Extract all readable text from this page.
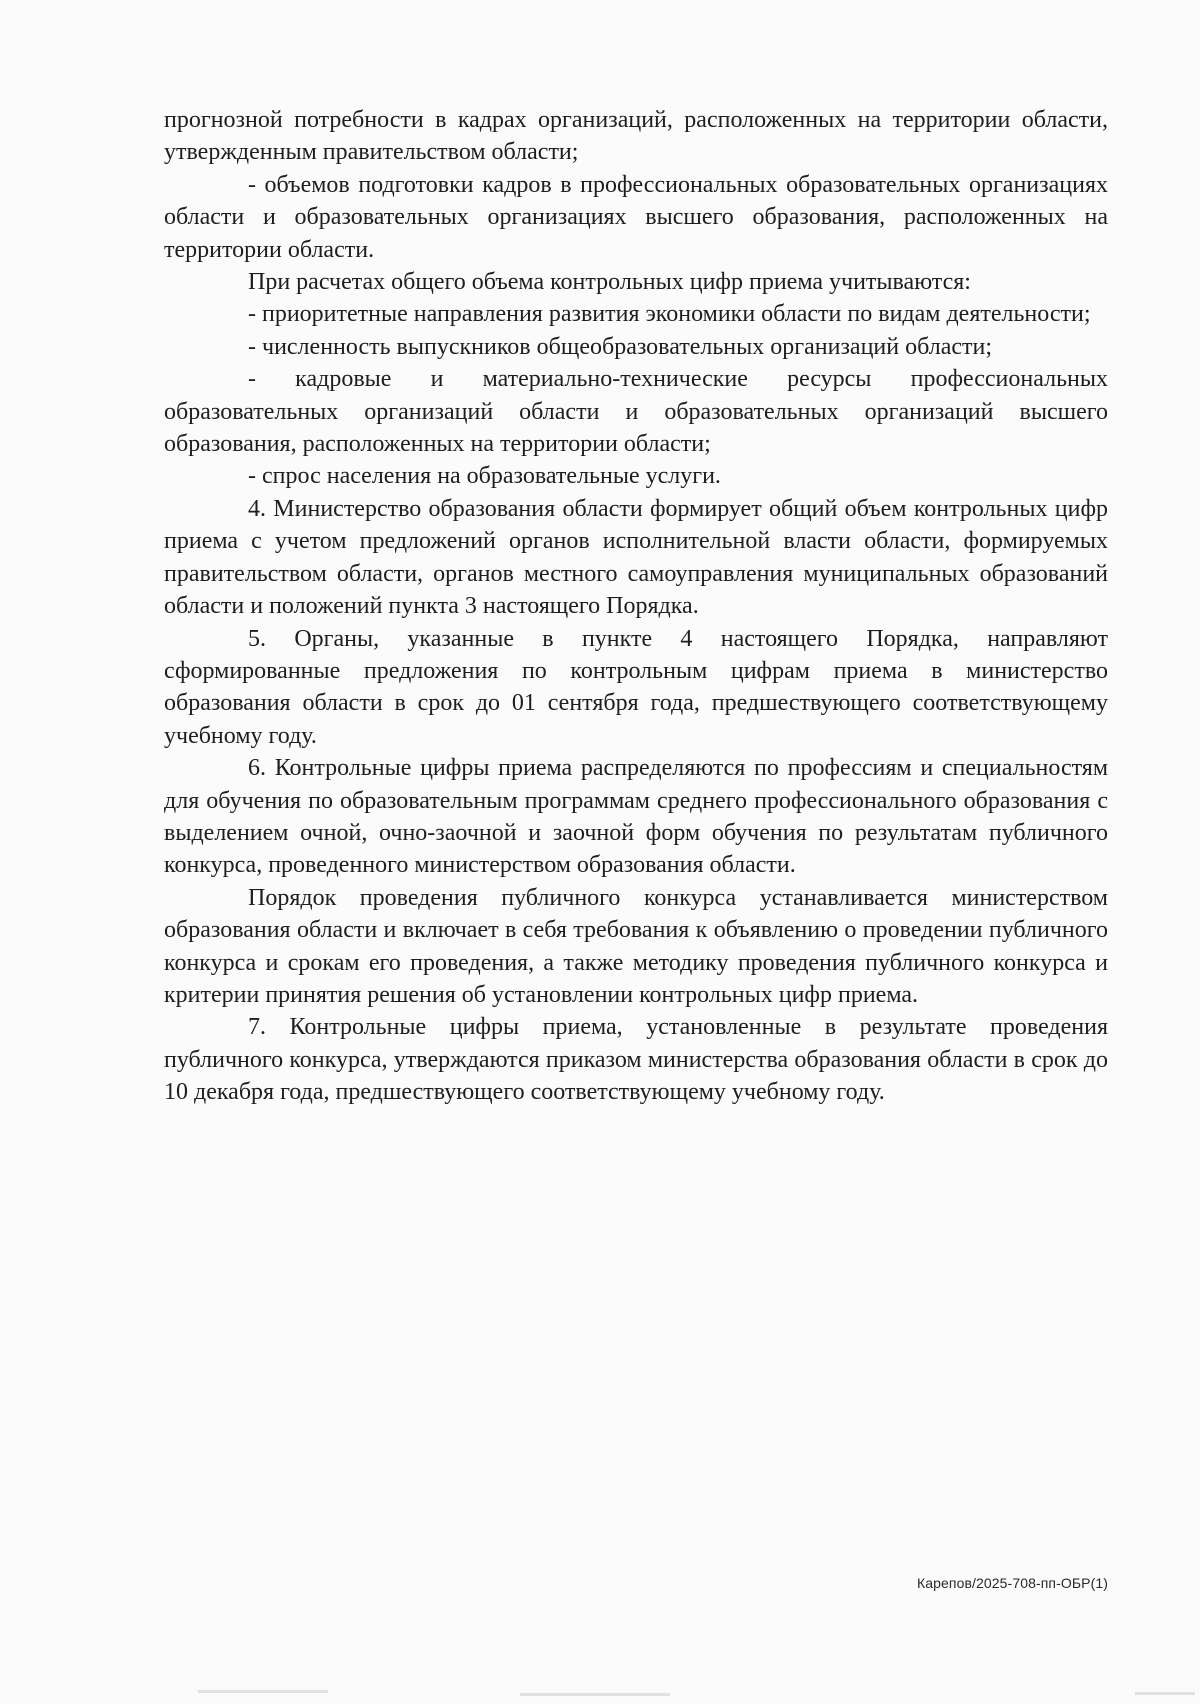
прогнозной потребности в кадрах организаций, расположенных на территории области, утвержденным правительством области;

- объемов подготовки кадров в профессиональных образовательных организациях области и образовательных организациях высшего образования, расположенных на территории области.

При расчетах общего объема контрольных цифр приема учитываются:

- приоритетные направления развития экономики области по видам деятельности;

- численность выпускников общеобразовательных организаций области;

- кадровые и материально-технические ресурсы профессиональных образовательных организаций области и образовательных организаций высшего образования, расположенных на территории области;

- спрос населения на образовательные услуги.

4. Министерство образования области формирует общий объем контрольных цифр приема с учетом предложений органов исполнительной власти области, формируемых правительством области, органов местного самоуправления муниципальных образований области и положений пункта 3 настоящего Порядка.

5. Органы, указанные в пункте 4 настоящего Порядка, направляют сформированные предложения по контрольным цифрам приема в министерство образования области в срок до 01 сентября года, предшествующего соответствующему учебному году.

6. Контрольные цифры приема распределяются по профессиям и специальностям для обучения по образовательным программам среднего профессионального образования с выделением очной, очно-заочной и заочной форм обучения по результатам публичного конкурса, проведенного министерством образования области.

Порядок проведения публичного конкурса устанавливается министерством образования области и включает в себя требования к объявлению о проведении публичного конкурса и срокам его проведения, а также методику проведения публичного конкурса и критерии принятия решения об установлении контрольных цифр приема.

7. Контрольные цифры приема, установленные в результате проведения публичного конкурса, утверждаются приказом министерства образования области в срок до 10 декабря года, предшествующего соответствующему учебному году.

Карепов/2025-708-пп-ОБР(1)
